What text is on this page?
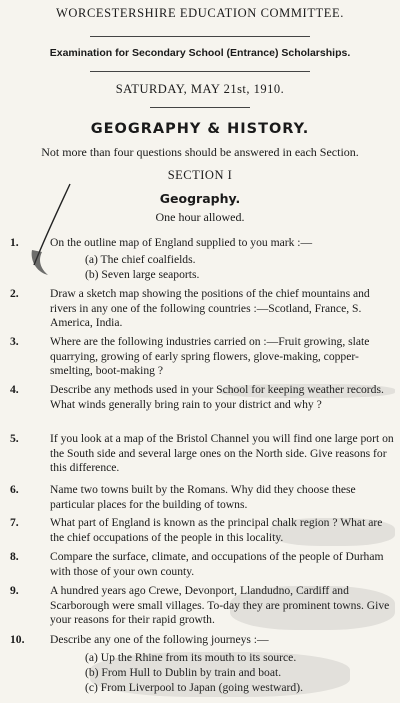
WORCESTERSHIRE EDUCATION COMMITTEE.
Examination for Secondary School (Entrance) Scholarships.
SATURDAY, MAY 21st, 1910.
GEOGRAPHY & HISTORY.
Not more than four questions should be answered in each Section.
SECTION I
Geography.
One hour allowed.
1.	On the outline map of England supplied to you mark :—
(a) The chief coalfields.
(b) Seven large seaports.
2.	Draw a sketch map showing the positions of the chief mountains and rivers in any one of the following countries :—Scotland, France, S. America, India.
3.	Where are the following industries carried on :—Fruit growing, slate quarrying, growing of early spring flowers, glove-making, copper-smelting, boot-making ?
4.	Describe any methods used in your School for keeping weather records. What winds generally bring rain to your district and why ?
5.	If you look at a map of the Bristol Channel you will find one large port on the South side and several large ones on the North side. Give reasons for this difference.
6.	Name two towns built by the Romans. Why did they choose these particular places for the building of towns.
7.	What part of England is known as the principal chalk region ? What are the chief occupations of the people in this locality.
8.	Compare the surface, climate, and occupations of the people of Durham with those of your own county.
9.	A hundred years ago Crewe, Devonport, Llandudno, Cardiff and Scarborough were small villages. To-day they are prominent towns. Give your reasons for their rapid growth.
10.	Describe any one of the following journeys :—
(a) Up the Rhine from its mouth to its source.
(b) From Hull to Dublin by train and boat.
(c) From Liverpool to Japan (going westward).
